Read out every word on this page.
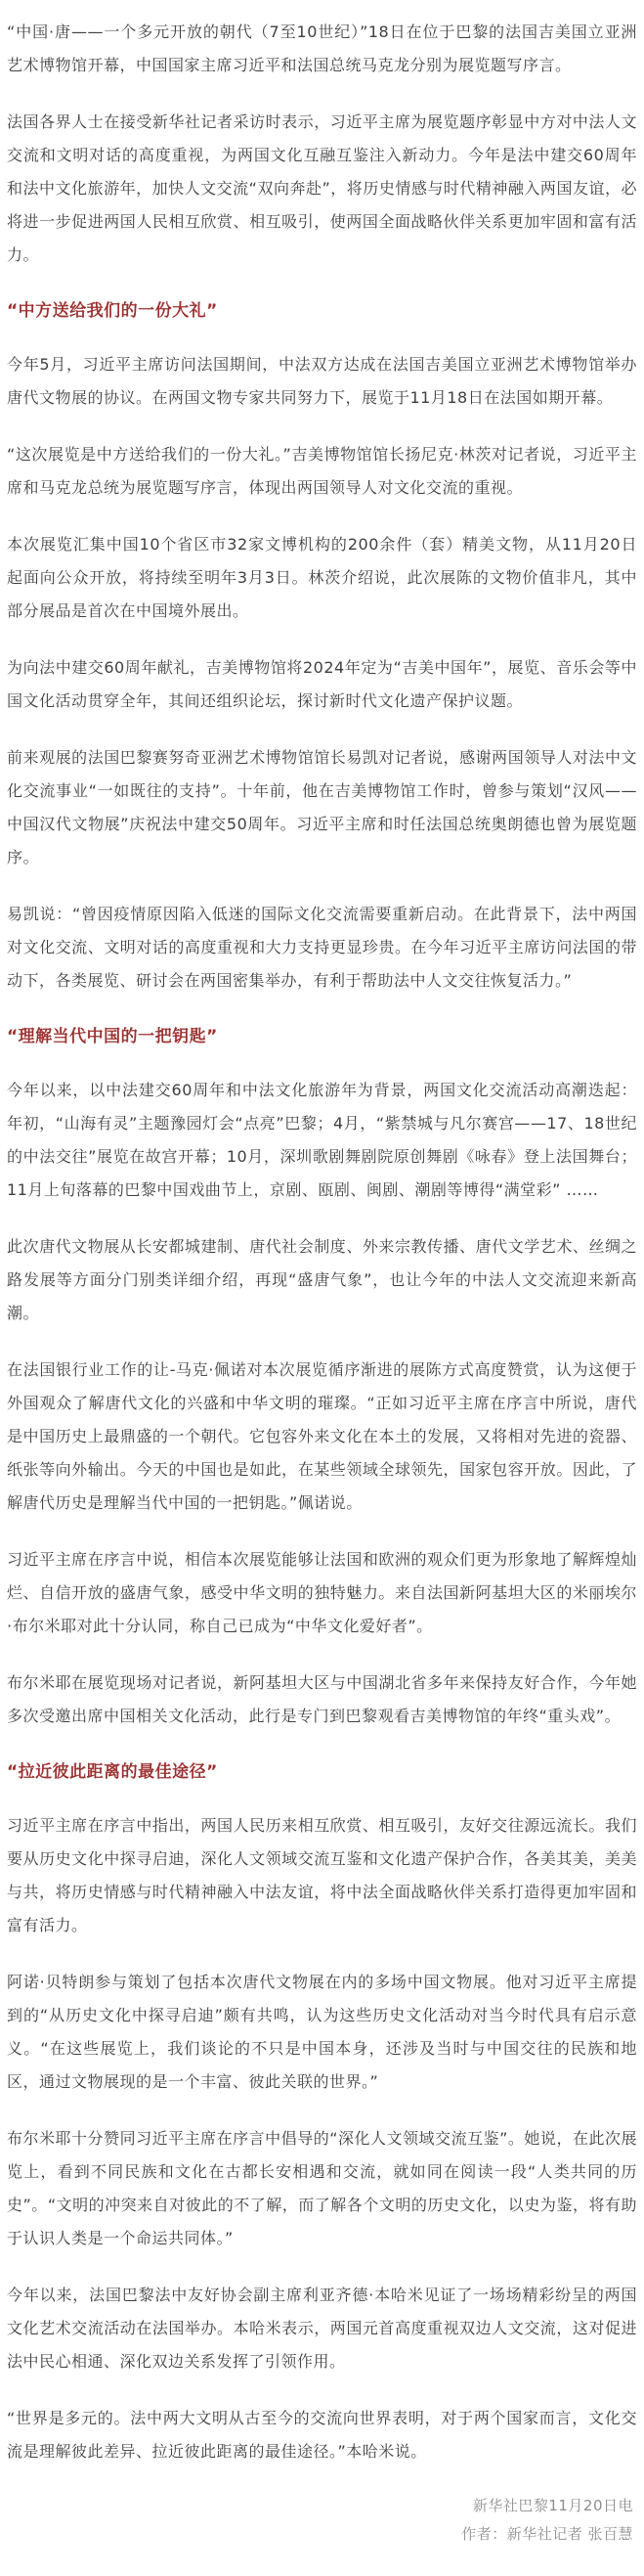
“中国·唐——一个多元开放的朝代（7至10世纪）”18日在位于巴黎的法国吉美国立亚洲艺术博物馆开幕，中国国家主席习近平和法国总统马克龙分别为展览题写序言。

法国各界人士在接受新华社记者采访时表示，习近平主席为展览题序彰显中方对中法人文交流和文明对话的高度重视，为两国文化互融互鉴注入新动力。今年是法中建交60周年和法中文化旅游年，加快人文交流“双向奔赴”，将历史情感与时代精神融入两国友谊，必将进一步促进两国人民相互欣赏、相互吸引，使两国全面战略伙伴关系更加牢固和富有活力。

“中方送给我们的一份大礼”

今年5月，习近平主席访问法国期间，中法双方达成在法国吉美国立亚洲艺术博物馆举办唐代文物展的协议。在两国文物专家共同努力下，展览于11月18日在法国如期开幕。

“这次展览是中方送给我们的一份大礼。”吉美博物馆馆长扬尼克·林茨对记者说，习近平主席和马克龙总统为展览题写序言，体现出两国领导人对文化交流的重视。

本次展览汇集中国10个省区市32家文博机构的200余件（套）精美文物，从11月20日起面向公众开放，将持续至明年3月3日。林茨介绍说，此次展陈的文物价值非凡，其中部分展品是首次在中国境外展出。

为向法中建交60周年献礼，吉美博物馆将2024年定为“吉美中国年”，展览、音乐会等中国文化活动贯穿全年，其间还组织论坛，探讨新时代文化遗产保护议题。

前来观展的法国巴黎赛努奇亚洲艺术博物馆馆长易凯对记者说，感谢两国领导人对法中文化交流事业“一如既往的支持”。十年前，他在吉美博物馆工作时，曾参与策划“汉风——中国汉代文物展”庆祝法中建交50周年。习近平主席和时任法国总统奥朗德也曾为展览题序。

易凯说：“曾因疫情原因陷入低迷的国际文化交流需要重新启动。在此背景下，法中两国对文化交流、文明对话的高度重视和大力支持更显珍贵。在今年习近平主席访问法国的带动下，各类展览、研讨会在两国密集举办，有利于帮助法中人文交往恢复活力。”

“理解当代中国的一把钥匙”

今年以来，以中法建交60周年和中法文化旅游年为背景，两国文化交流活动高潮迭起：年初，“山海有灵”主题豫园灯会“点亮”巴黎；4月，“紫禁城与凡尔赛宫——17、18世纪的中法交往”展览在故宫开幕；10月，深圳歌剧舞剧院原创舞剧《咏春》登上法国舞台；11月上旬落幕的巴黎中国戏曲节上，京剧、瓯剧、闽剧、潮剧等博得“满堂彩” ……

此次唐代文物展从长安都城建制、唐代社会制度、外来宗教传播、唐代文学艺术、丝绸之路发展等方面分门别类详细介绍，再现“盛唐气象”，也让今年的中法人文交流迎来新高潮。

在法国银行业工作的让-马克·佩诺对本次展览循序渐进的展陈方式高度赞赏，认为这便于外国观众了解唐代文化的兴盛和中华文明的璀璨。“正如习近平主席在序言中所说，唐代是中国历史上最鼎盛的一个朝代。它包容外来文化在本土的发展，又将相对先进的瓷器、纸张等向外输出。今天的中国也是如此，在某些领域全球领先，国家包容开放。因此，了解唐代历史是理解当代中国的一把钥匙。”佩诺说。

习近平主席在序言中说，相信本次展览能够让法国和欧洲的观众们更为形象地了解辉煌灿烂、自信开放的盛唐气象，感受中华文明的独特魅力。来自法国新阿基坦大区的米丽埃尔·布尔米耶对此十分认同，称自己已成为“中华文化爱好者”。

布尔米耶在展览现场对记者说，新阿基坦大区与中国湖北省多年来保持友好合作，今年她多次受邀出席中国相关文化活动，此行是专门到巴黎观看吉美博物馆的年终“重头戏”。

“拉近彼此距离的最佳途径”

习近平主席在序言中指出，两国人民历来相互欣赏、相互吸引，友好交往源远流长。我们要从历史文化中探寻启迪，深化人文领域交流互鉴和文化遗产保护合作，各美其美，美美与共，将历史情感与时代精神融入中法友谊，将中法全面战略伙伴关系打造得更加牢固和富有活力。

阿诺·贝特朗参与策划了包括本次唐代文物展在内的多场中国文物展。他对习近平主席提到的“从历史文化中探寻启迪”颇有共鸣，认为这些历史文化活动对当今时代具有启示意义。“在这些展览上，我们谈论的不只是中国本身，还涉及当时与中国交往的民族和地区，通过文物展现的是一个丰富、彼此关联的世界。”

布尔米耶十分赞同习近平主席在序言中倡导的“深化人文领域交流互鉴”。她说，在此次展览上，看到不同民族和文化在古都长安相遇和交流，就如同在阅读一段“人类共同的历史”。“文明的冲突来自对彼此的不了解，而了解各个文明的历史文化，以史为鉴，将有助于认识人类是一个命运共同体。”

今年以来，法国巴黎法中友好协会副主席利亚齐德·本哈米见证了一场场精彩纷呈的两国文化艺术交流活动在法国举办。本哈米表示，两国元首高度重视双边人文交流，这对促进法中民心相通、深化双边关系发挥了引领作用。

“世界是多元的。法中两大文明从古至今的交流向世界表明，对于两个国家而言，文化交流是理解彼此差异、拉近彼此距离的最佳途径。”本哈米说。

新华社巴黎11月20日电

作者：新华社记者 张百慧
